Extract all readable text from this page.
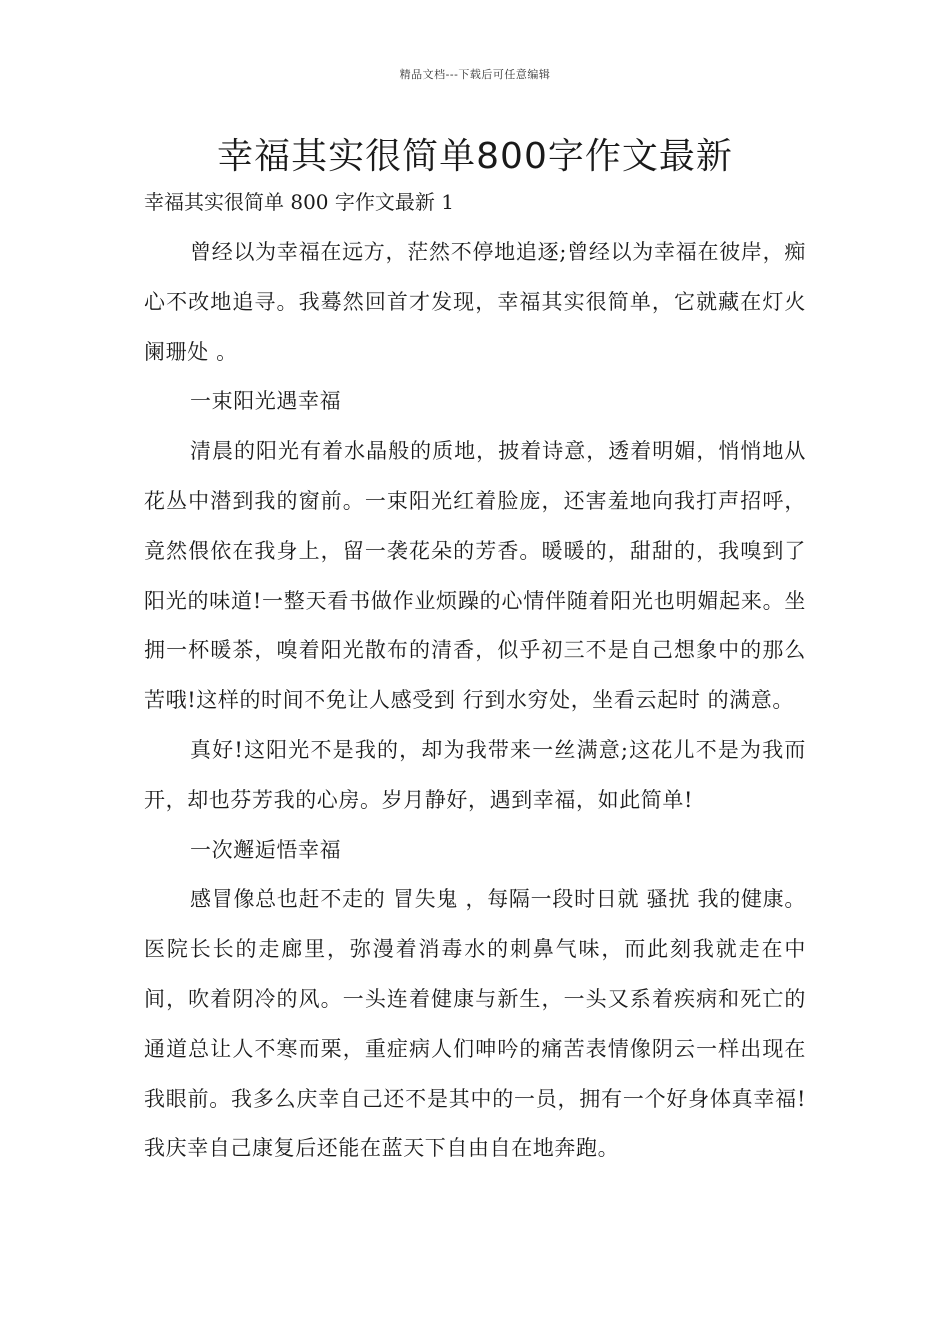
精品文档---下载后可任意编辑
幸福其实很简单800字作文最新
幸福其实很简单 800 字作文最新 1

曾经以为幸福在远方，茫然不停地追逐;曾经以为幸福在彼岸，痴心不改地追寻。我蓦然回首才发现，幸福其实很简单，它就藏在灯火阑珊处 。

一束阳光遇幸福

清晨的阳光有着水晶般的质地，披着诗意，透着明媚，悄悄地从花丛中潜到我的窗前。一束阳光红着脸庞，还害羞地向我打声招呼，竟然偎依在我身上，留一袭花朵的芳香。暖暖的，甜甜的，我嗅到了阳光的味道!一整天看书做作业烦躁的心情伴随着阳光也明媚起来。坐拥一杯暖茶，嗅着阳光散布的清香，似乎初三不是自己想象中的那么苦哦!这样的时间不免让人感受到 行到水穷处，坐看云起时 的满意。

真好!这阳光不是我的，却为我带来一丝满意;这花儿不是为我而开，却也芬芳我的心房。岁月静好，遇到幸福，如此简单!

一次邂逅悟幸福

感冒像总也赶不走的 冒失鬼 ，每隔一段时日就 骚扰 我的健康。医院长长的走廊里，弥漫着消毒水的刺鼻气味，而此刻我就走在中间，吹着阴冷的风。一头连着健康与新生，一头又系着疾病和死亡的通道总让人不寒而栗，重症病人们呻吟的痛苦表情像阴云一样出现在我眼前。我多么庆幸自己还不是其中的一员，拥有一个好身体真幸福!我庆幸自己康复后还能在蓝天下自由自在地奔跑。
